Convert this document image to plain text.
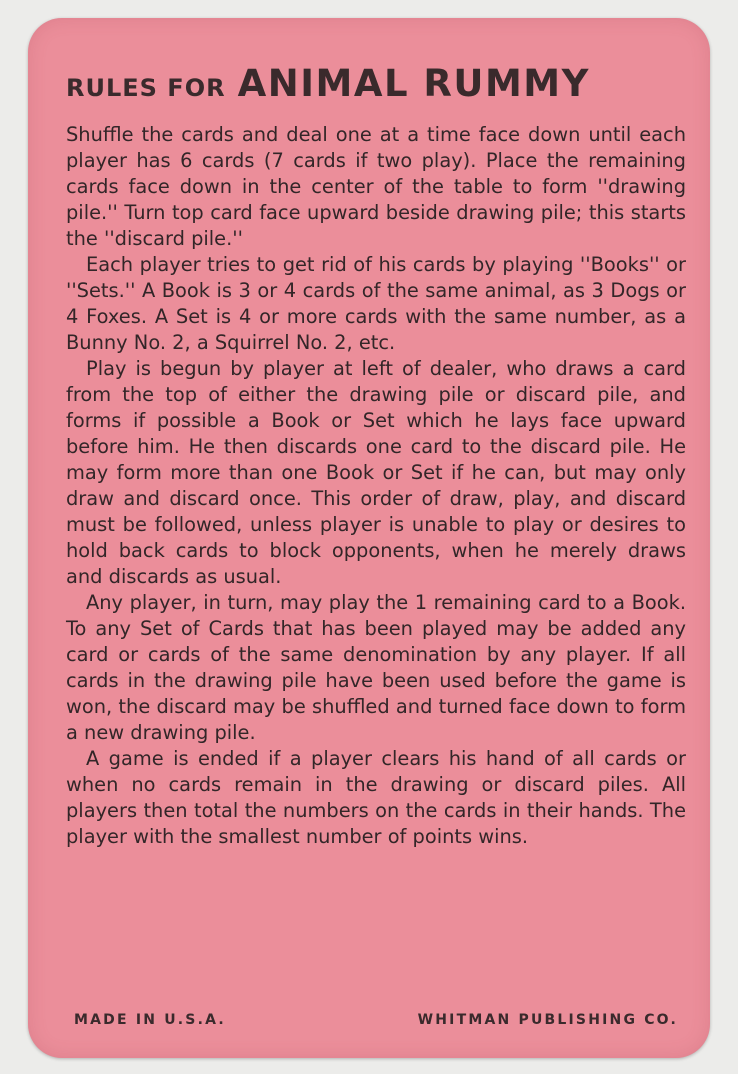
RULES FOR ANIMAL RUMMY

Shuffle the cards and deal one at a time face down until each player has 6 cards (7 cards if two play). Place the remaining cards face down in the center of the table to form ''drawing pile.'' Turn top card face upward beside drawing pile; this starts the ''discard pile.''

Each player tries to get rid of his cards by playing ''Books'' or ''Sets.'' A Book is 3 or 4 cards of the same animal, as 3 Dogs or 4 Foxes. A Set is 4 or more cards with the same number, as a Bunny No. 2, a Squirrel No. 2, etc.

Play is begun by player at left of dealer, who draws a card from the top of either the drawing pile or discard pile, and forms if possible a Book or Set which he lays face upward before him. He then discards one card to the discard pile. He may form more than one Book or Set if he can, but may only draw and discard once. This order of draw, play, and discard must be followed, unless player is unable to play or desires to hold back cards to block opponents, when he merely draws and discards as usual.

Any player, in turn, may play the 1 remaining card to a Book. To any Set of Cards that has been played may be added any card or cards of the same denomination by any player. If all cards in the drawing pile have been used before the game is won, the discard may be shuffled and turned face down to form a new drawing pile.

A game is ended if a player clears his hand of all cards or when no cards remain in the drawing or discard piles. All players then total the numbers on the cards in their hands. The player with the smallest number of points wins.

MADE IN U.S.A.	WHITMAN PUBLISHING CO.
